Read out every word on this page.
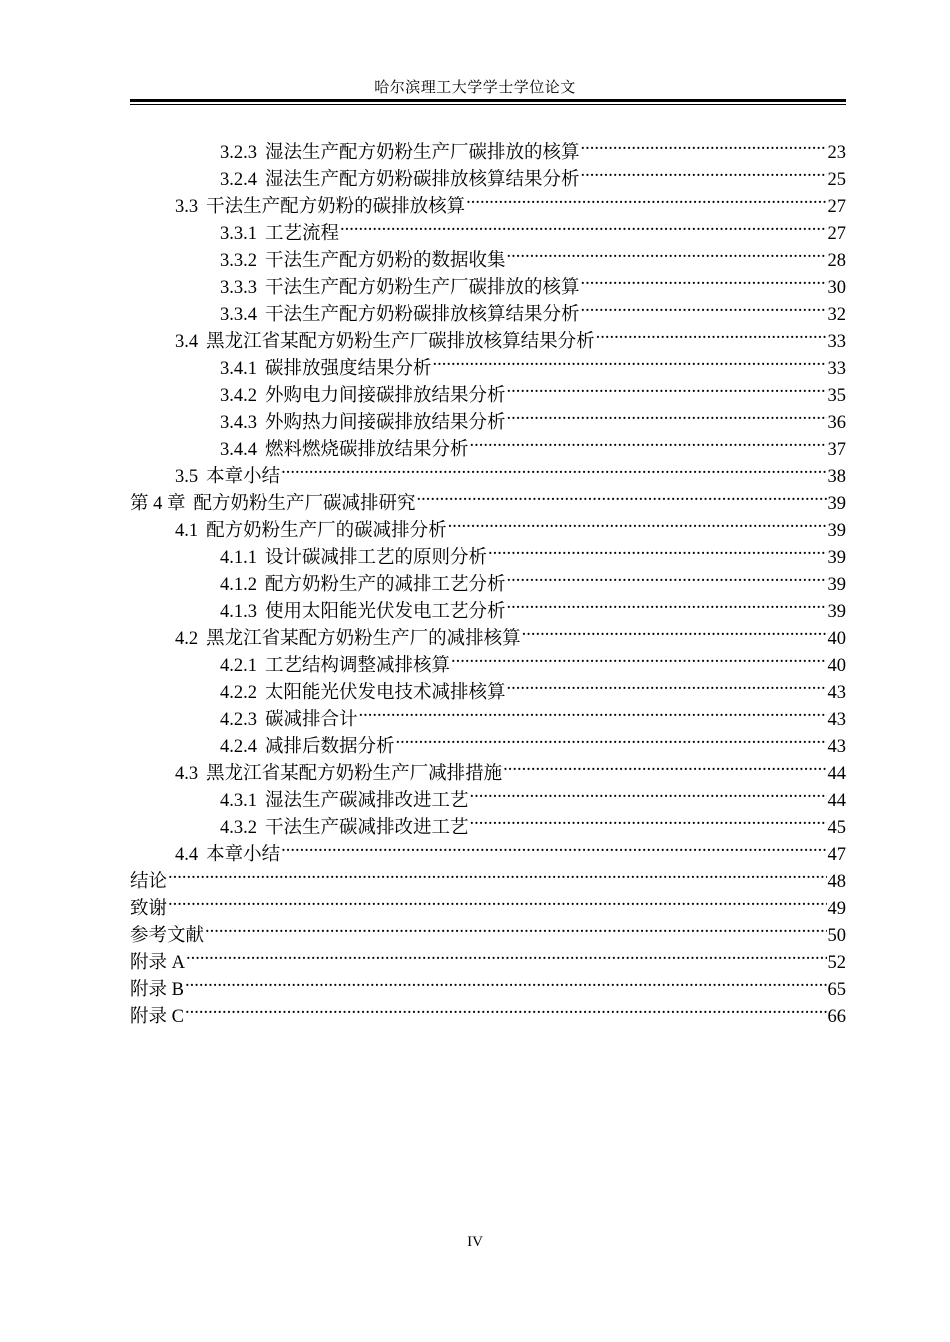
哈尔滨理工大学学士学位论文
3.2.3 湿法生产配方奶粉生产厂碳排放的核算 .....	23
3.2.4 湿法生产配方奶粉碳排放核算结果分析 .....	25
3.3 干法生产配方奶粉的碳排放核算 .....	27
3.3.1 工艺流程 .....	27
3.3.2 干法生产配方奶粉的数据收集 .....	28
3.3.3 干法生产配方奶粉生产厂碳排放的核算 .....	30
3.3.4 干法生产配方奶粉碳排放核算结果分析 .....	32
3.4 黑龙江省某配方奶粉生产厂碳排放核算结果分析 .....	33
3.4.1 碳排放强度结果分析 .....	33
3.4.2 外购电力间接碳排放结果分析 .....	35
3.4.3 外购热力间接碳排放结果分析 .....	36
3.4.4 燃料燃烧碳排放结果分析 .....	37
3.5 本章小结 .....	38
第 4 章 配方奶粉生产厂碳减排研究 .....	39
4.1 配方奶粉生产厂的碳减排分析 .....	39
4.1.1 设计碳减排工艺的原则分析 .....	39
4.1.2 配方奶粉生产的减排工艺分析 .....	39
4.1.3 使用太阳能光伏发电工艺分析 .....	39
4.2 黑龙江省某配方奶粉生产厂的减排核算 .....	40
4.2.1 工艺结构调整减排核算 .....	40
4.2.2 太阳能光伏发电技术减排核算 .....	43
4.2.3 碳减排合计 .....	43
4.2.4 减排后数据分析 .....	43
4.3 黑龙江省某配方奶粉生产厂减排措施 .....	44
4.3.1 湿法生产碳减排改进工艺 .....	44
4.3.2 干法生产碳减排改进工艺 .....	45
4.4 本章小结 .....	47
结论 .....	48
致谢 .....	49
参考文献 .....	50
附录 A .....	52
附录 B .....	65
附录 C .....	66
IV
